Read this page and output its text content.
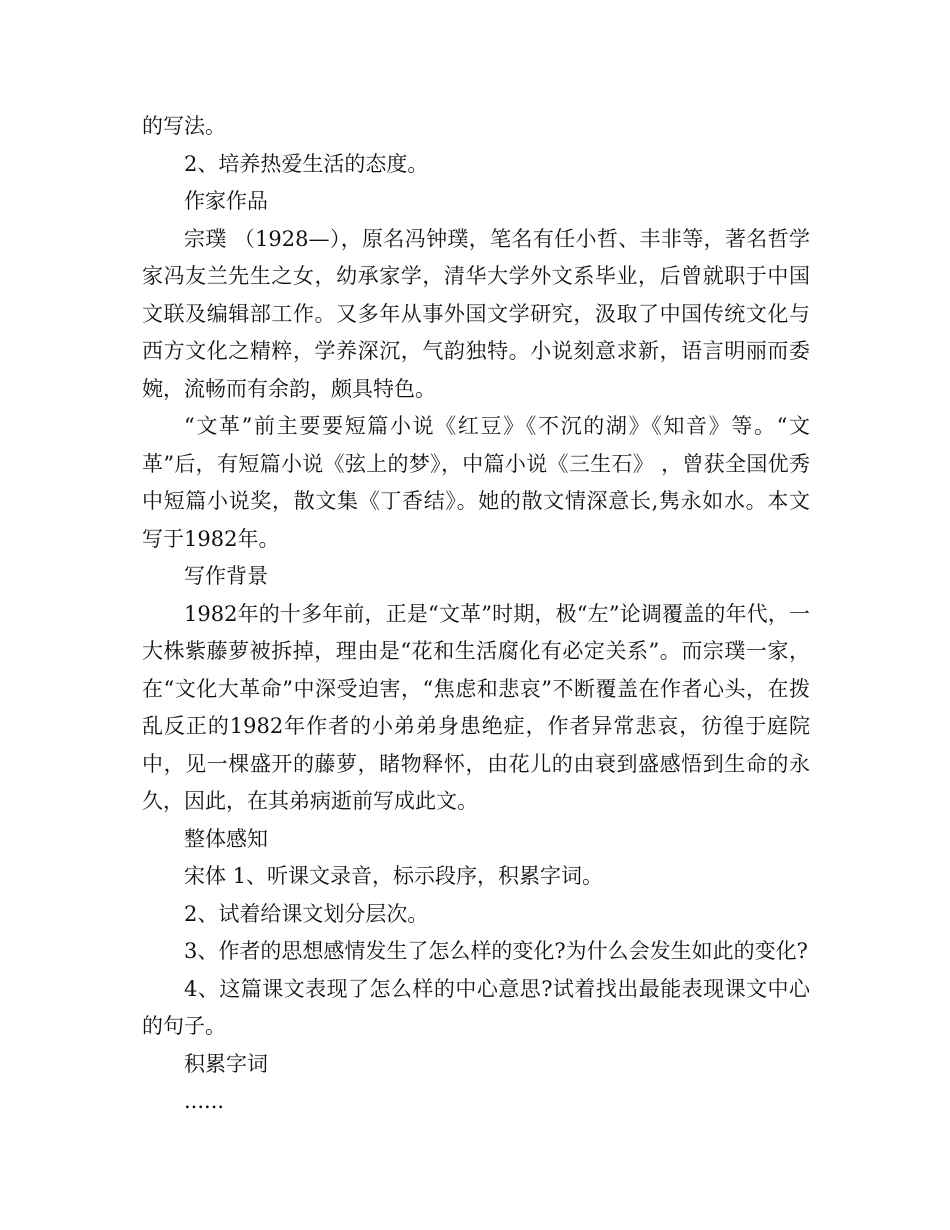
的写法。

2、培养热爱生活的态度。

作家作品

宗璞 （1928—），原名冯钟璞，笔名有任小哲、丰非等，著名哲学家冯友兰先生之女，幼承家学，清华大学外文系毕业，后曾就职于中国文联及编辑部工作。又多年从事外国文学研究，汲取了中国传统文化与西方文化之精粹，学养深沉，气韵独特。小说刻意求新，语言明丽而委婉，流畅而有余韵，颇具特色。

“文革”前主要要短篇小说《红豆》《不沉的湖》《知音》等。“文革”后，有短篇小说《弦上的梦》，中篇小说《三生石》 ，曾获全国优秀中短篇小说奖，散文集《丁香结》。她的散文情深意长,隽永如水。本文写于1982年。

写作背景

1982年的十多年前，正是“文革”时期，极“左”论调覆盖的年代，一大株紫藤萝被拆掉，理由是“花和生活腐化有必定关系”。而宗璞一家，在“文化大革命”中深受迫害，“焦虑和悲哀”不断覆盖在作者心头，在拨乱反正的1982年作者的小弟弟身患绝症，作者异常悲哀，彷徨于庭院中，见一棵盛开的藤萝，睹物释怀，由花儿的由衰到盛感悟到生命的永久，因此，在其弟病逝前写成此文。

整体感知

宋体 1、听课文录音，标示段序，积累字词。

2、试着给课文划分层次。

3、作者的思想感情发生了怎么样的变化?为什么会发生如此的变化?

4、这篇课文表现了怎么样的中心意思?试着找出最能表现课文中心的句子。

积累字词

......
